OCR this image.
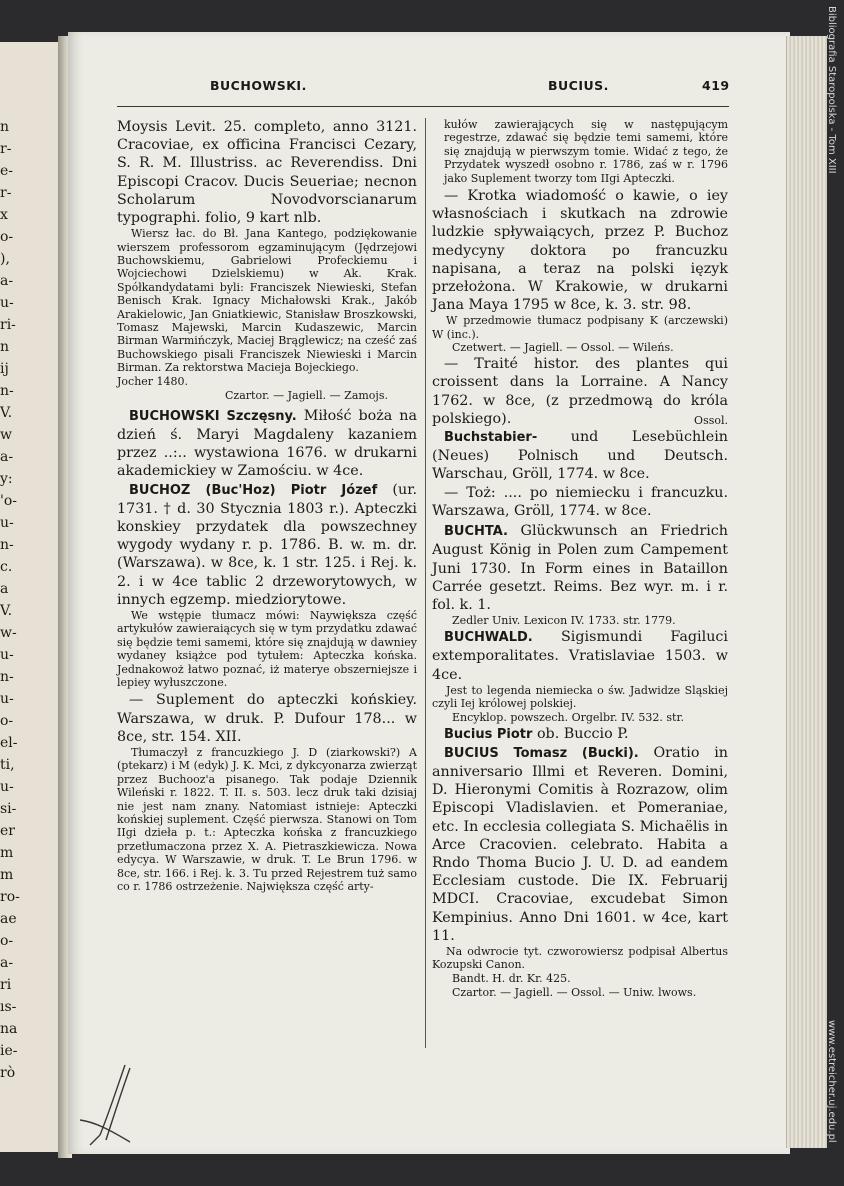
n
r-
e-
r-
x
o-
),
a-
u-
ri-
n
ij
n-
V.
w
a-
y:
'o-
u-
n-
c.
a
V.
w-
u-
n-
u-
o-
el-
ti,
u-
si-
er
m
m
ro-
ae
o-
a-
ri
ıs-
na
ie-
rò
Bibliografia Staropolska - Tom XIII
www.estreicher.uj.edu.pl
BUCHOWSKI.	BUCIUS.	419

Moysis Levit. 25. completo, anno 3121. Cracoviae, ex officina Francisci Cezary, S. R. M. Illustriss. ac Reverendiss. Dni Episcopi Cracov. Ducis Seueriae; necnon Scholarum Novodvorscianarum typographi. folio, 9 kart nlb.

Wiersz łac. do Bł. Jana Kantego, podziękowanie wierszem professorom egzaminującym (Jędrzejowi Buchowskiemu, Gabrielowi Profeckiemu i Wojciechowi Dzielskiemu) w Ak. Krak. Spółkandydatami byli: Franciszek Niewieski, Stefan Benisch Krak. Ignacy Michałowski Krak., Jakób Arakielowic, Jan Gniatkiewic, Stanisław Broszkowski, Tomasz Majewski, Marcin Kudaszewic, Marcin Birman Warmińczyk, Maciej Brąglewicz; na cześć zaś Buchowskiego pisali Franciszek Niewieski i Marcin Birman. Za rektorstwa Macieja Bojeckiego.

Jocher 1480.

Czartor. — Jagiell. — Zamojs.

BUCHOWSKI Szczęsny. Miłość boża na dzień ś. Maryi Magdaleny kazaniem przez ..:.. wystawiona 1676. w drukarni akademickiey w Zamościu. w 4ce.

BUCHOZ (Buc'Hoz) Piotr Józef (ur. 1731. † d. 30 Stycznia 1803 r.). Apteczki konskiey przydatek dla powszechney wygody wydany r. p. 1786. B. w. m. dr. (Warszawa). w 8ce, k. 1 str. 125. i Rej. k. 2. i w 4ce tablic 2 drzeworytowych, w innych egzemp. miedziorytowe.

We wstępie tłumacz mówi: Naywiększa część artykułów zawieraiących się w tym przydatku zdawać się będzie temi samemi, które się znajdują w dawniey wydaney książce pod tytułem: Apteczka końska. Jednakowoż łatwo poznać, iż materye obszerniejsze i lepiey wyłuszczone.

— Suplement do apteczki końskiey. Warszawa, w druk. P. Dufour 178... w 8ce, str. 154. XII.

Tłumaczył z francuzkiego J. D (ziarkowski?) A (ptekarz) i M (edyk) J. K. Mci, z dykcyonarza zwierząt przez Buchooz'a pisanego. Tak podaje Dziennik Wileński r. 1822. T. II. s. 503. lecz druk taki dzisiaj nie jest nam znany. Natomiast istnieje: Apteczki końskiej suplement. Część pierwsza. Stanowi on Tom IIgi dzieła p. t.: Apteczka końska z francuzkiego przetłumaczona przez X. A. Pietraszkiewicza. Nowa edycya. W Warszawie, w druk. T. Le Brun 1796. w 8ce, str. 166. i Rej. k. 3. Tu przed Rejestrem tuż samo co r. 1786 ostrzeżenie. Największa część arty-

kułów zawierających się w następującym regestrze, zdawać się będzie temi samemi, które się znajdują w pierwszym tomie. Widać z tego, że Przydatek wyszedł osobno r. 1786, zaś w r. 1796 jako Suplement tworzy tom IIgi Apteczki.

— Krotka wiadomość o kawie, o iey własnościach i skutkach na zdrowie ludzkie spływaiących, przez P. Buchoz medycyny doktora po francuzku napisana, a teraz na polski ięzyk przełożona. W Krakowie, w drukarni Jana Maya 1795 w 8ce, k. 3. str. 98.

W przedmowie tłumacz podpisany K (arczewski) W (inc.).

Czetwert. — Jagiell. — Ossol. — Wileńs.

— Traité histor. des plantes qui croissent dans la Lorraine. A Nancy 1762. w 8ce, (z przedmową do króla polskiego).	Ossol.

Buchstabier- und Lesebüchlein (Neues) Polnisch und Deutsch. Warschau, Gröll, 1774. w 8ce.

— Toż: .... po niemiecku i francuzku. Warszawa, Gröll, 1774. w 8ce.

BUCHTA. Glückwunsch an Friedrich August König in Polen zum Campement Juni 1730. In Form eines in Bataillon Carrée gesetzt. Reims. Bez wyr. m. i r. fol. k. 1.

Zedler Univ. Lexicon IV. 1733. str. 1779.

BUCHWALD. Sigismundi Fagiluci extemporalitates. Vratislaviae 1503. w 4ce.

Jest to legenda niemiecka o św. Jadwidze Sląskiej czyli Iej królowej polskiej.

Encyklop. powszech. Orgelbr. IV. 532. str.

Bucius Piotr ob. Buccio P.

BUCIUS Tomasz (Bucki). Oratio in anniversario Illmi et Reveren. Domini, D. Hieronymi Comitis à Rozrazow, olim Episcopi Vladislavien. et Pomeraniae, etc. In ecclesia collegiata S. Michaëlis in Arce Cracovien. celebrato. Habita a Rndo Thoma Bucio J. U. D. ad eandem Ecclesiam custode. Die IX. Februarij MDCI. Cracoviae, excudebat Simon Kempinius. Anno Dni 1601. w 4ce, kart 11.

Na odwrocie tyt. czworowiersz podpisał Albertus Kozupski Canon.

Bandt. H. dr. Kr. 425.

Czartor. — Jagiell. — Ossol. — Uniw. lwows.
